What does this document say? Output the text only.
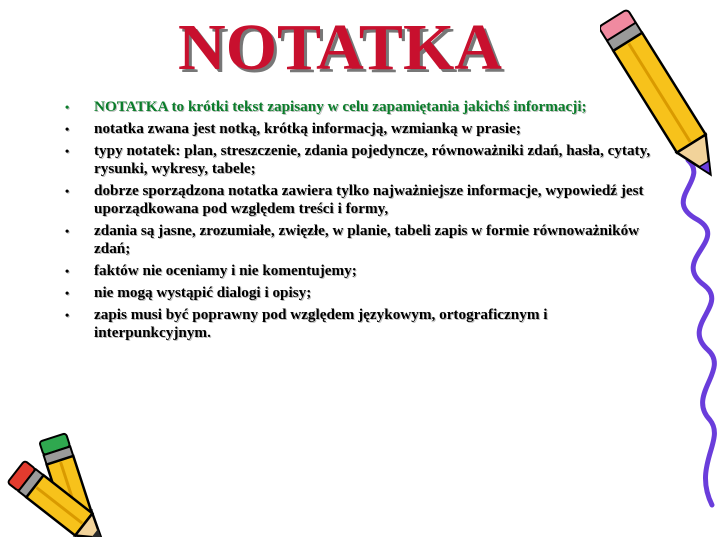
NOTATKA
• NOTATKA to krótki tekst zapisany w celu zapamiętania jakichś informacji;
• notatka zwana jest notką, krótką informacją, wzmianką w prasie;
• typy notatek: plan, streszczenie, zdania pojedyncze, równoważniki zdań, hasła, cytaty, rysunki, wykresy, tabele;
• dobrze sporządzona notatka zawiera tylko najważniejsze informacje, wypowiedź jest uporządkowana pod względem treści i formy,
• zdania są jasne, zrozumiałe, zwięzłe, w planie, tabeli zapis w formie równoważników zdań;
• faktów nie oceniamy i nie komentujemy;
• nie mogą wystąpić dialogi i opisy;
• zapis musi być poprawny pod względem językowym, ortograficznym i interpunkcyjnym.
